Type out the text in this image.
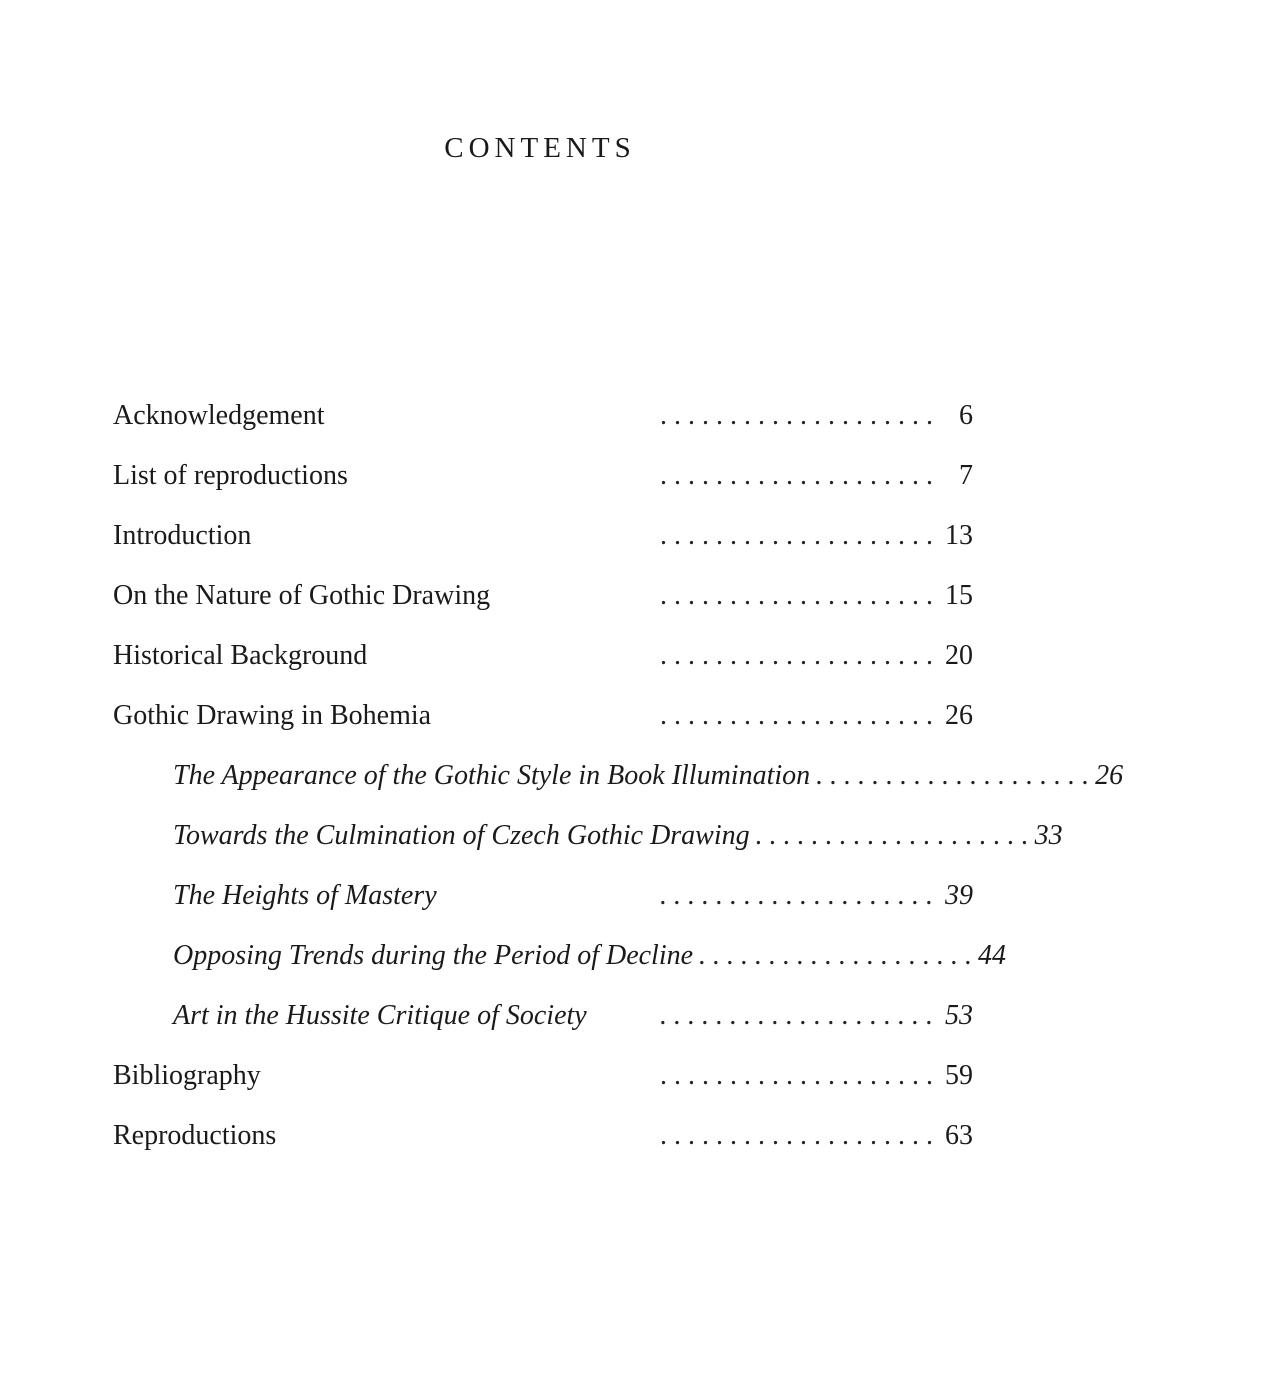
CONTENTS
Acknowledgement	. . . . . . . . . . . . . . . . . . . . 6
List of reproductions	. . . . . . . . . . . . . . . . . . . . 7
Introduction	. . . . . . . . . . . . . . . . . . . . 13
On the Nature of Gothic Drawing	. . . . . . . . . . . . . . . . . . . . 15
Historical Background	. . . . . . . . . . . . . . . . . . . . 20
Gothic Drawing in Bohemia	. . . . . . . . . . . . . . . . . . . . 26
The Appearance of the Gothic Style in Book Illumination . . . . . . . . . . . . . . . . . . . . 26
Towards the Culmination of Czech Gothic Drawing . . . . . . . . . . . . . . . . . . . . 33
The Heights of Mastery	. . . . . . . . . . . . . . . . . . . . 39
Opposing Trends during the Period of Decline . . . . . . . . . . . . . . . . . . . . 44
Art in the Hussite Critique of Society	. . . . . . . . . . . . . . . . . . . . 53
Bibliography	. . . . . . . . . . . . . . . . . . . . 59
Reproductions	. . . . . . . . . . . . . . . . . . . . 63
